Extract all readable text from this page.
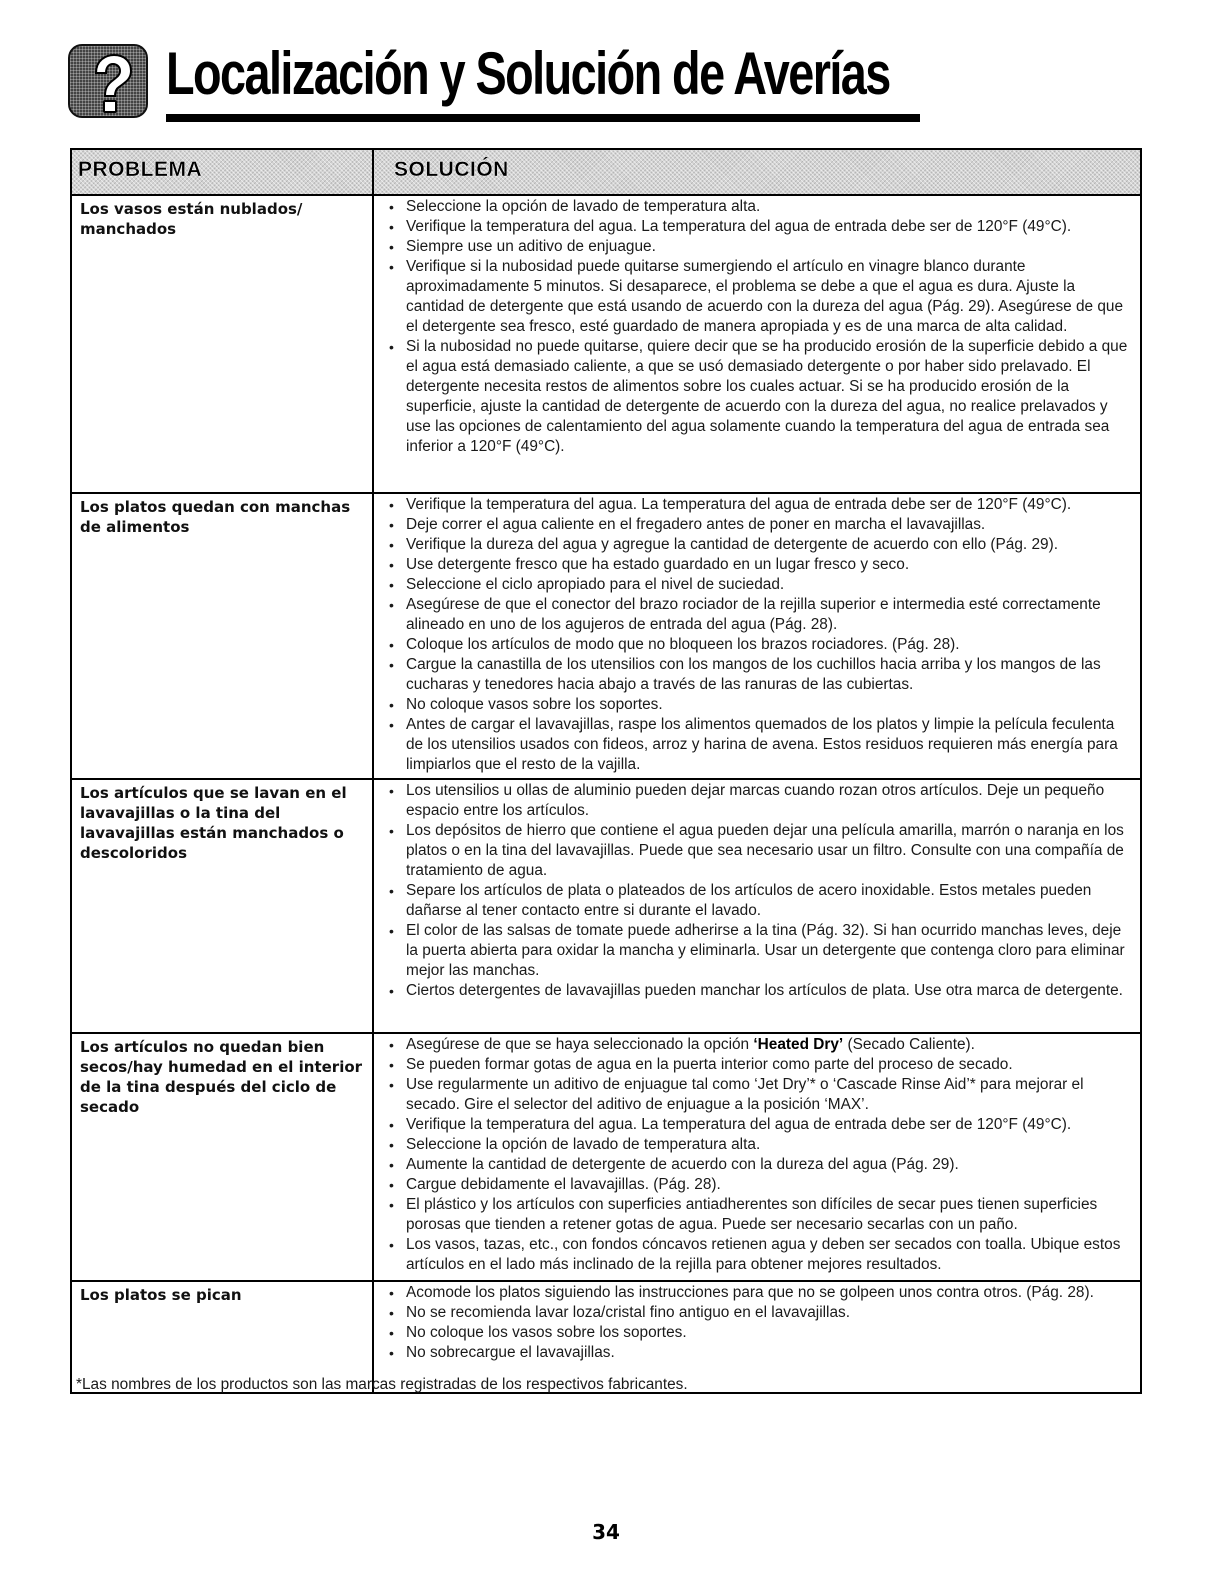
Localización y Solución de Averías
PROBLEMA	SOLUCIÓN
Los vasos están nublados/ manchados
• Seleccione la opción de lavado de temperatura alta.
• Verifique la temperatura del agua. La temperatura del agua de entrada debe ser de 120°F (49°C).
• Siempre use un aditivo de enjuague.
• Verifique si la nubosidad puede quitarse sumergiendo el artículo en vinagre blanco durante aproximadamente 5 minutos. Si desaparece, el problema se debe a que el agua es dura. Ajuste la cantidad de detergente que está usando de acuerdo con la dureza del agua (Pág. 29). Asegúrese de que el detergente sea fresco, esté guardado de manera apropiada y es de una marca de alta calidad.
• Si la nubosidad no puede quitarse, quiere decir que se ha producido erosión de la superficie debido a que el agua está demasiado caliente, a que se usó demasiado detergente o por haber sido prelavado. El detergente necesita restos de alimentos sobre los cuales actuar. Si se ha producido erosión de la superficie, ajuste la cantidad de detergente de acuerdo con la dureza del agua, no realice prelavados y use las opciones de calentamiento del agua solamente cuando la temperatura del agua de entrada sea inferior a 120°F (49°C).
Los platos quedan con manchas de alimentos
• Verifique la temperatura del agua. La temperatura del agua de entrada debe ser de 120°F (49°C).
• Deje correr el agua caliente en el fregadero antes de poner en marcha el lavavajillas.
• Verifique la dureza del agua y agregue la cantidad de detergente de acuerdo con ello (Pág. 29).
• Use detergente fresco que ha estado guardado en un lugar fresco y seco.
• Seleccione el ciclo apropiado para el nivel de suciedad.
• Asegúrese de que el conector del brazo rociador de la rejilla superior e intermedia esté correctamente alineado en uno de los agujeros de entrada del agua (Pág. 28).
• Coloque los artículos de modo que no bloqueen los brazos rociadores. (Pág. 28).
• Cargue la canastilla de los utensilios con los mangos de los cuchillos hacia arriba y los mangos de las cucharas y tenedores hacia abajo a través de las ranuras de las cubiertas.
• No coloque vasos sobre los soportes.
• Antes de cargar el lavavajillas, raspe los alimentos quemados de los platos y limpie la película feculenta de los utensilios usados con fideos, arroz y harina de avena. Estos residuos requieren más energía para limpiarlos que el resto de la vajilla.
Los artículos que se lavan en el lavavajillas o la tina del lavavajillas están manchados o descoloridos
• Los utensilios u ollas de aluminio pueden dejar marcas cuando rozan otros artículos. Deje un pequeño espacio entre los artículos.
• Los depósitos de hierro que contiene el agua pueden dejar una película amarilla, marrón o naranja en los platos o en la tina del lavavajillas. Puede que sea necesario usar un filtro. Consulte con una compañía de tratamiento de agua.
• Separe los artículos de plata o plateados de los artículos de acero inoxidable. Estos metales pueden dañarse al tener contacto entre si durante el lavado.
• El color de las salsas de tomate puede adherirse a la tina (Pág. 32). Si han ocurrido manchas leves, deje la puerta abierta para oxidar la mancha y eliminarla. Usar un detergente que contenga cloro para eliminar mejor las manchas.
• Ciertos detergentes de lavavajillas pueden manchar los artículos de plata. Use otra marca de detergente.
Los artículos no quedan bien secos/hay humedad en el interior de la tina después del ciclo de secado
• Asegúrese de que se haya seleccionado la opción ‘Heated Dry’ (Secado Caliente).
• Se pueden formar gotas de agua en la puerta interior como parte del proceso de secado.
• Use regularmente un aditivo de enjuague tal como ‘Jet Dry’* o ‘Cascade Rinse Aid’* para mejorar el secado. Gire el selector del aditivo de enjuague a la posición ‘MAX’.
• Verifique la temperatura del agua. La temperatura del agua de entrada debe ser de 120°F (49°C).
• Seleccione la opción de lavado de temperatura alta.
• Aumente la cantidad de detergente de acuerdo con la dureza del agua (Pág. 29).
• Cargue debidamente el lavavajillas. (Pág. 28).
• El plástico y los artículos con superficies antiadherentes son difíciles de secar pues tienen superficies porosas que tienden a retener gotas de agua. Puede ser necesario secarlas con un paño.
• Los vasos, tazas, etc., con fondos cóncavos retienen agua y deben ser secados con toalla. Ubique estos artículos en el lado más inclinado de la rejilla para obtener mejores resultados.
Los platos se pican	• Acomode los platos siguiendo las instrucciones para que no se golpeen unos contra otros. (Pág. 28).
• No se recomienda lavar loza/cristal fino antiguo en el lavavajillas.
• No coloque los vasos sobre los soportes.
• No sobrecargue el lavavajillas.
*Las nombres de los productos son las marcas registradas de los respectivos fabricantes.
34
